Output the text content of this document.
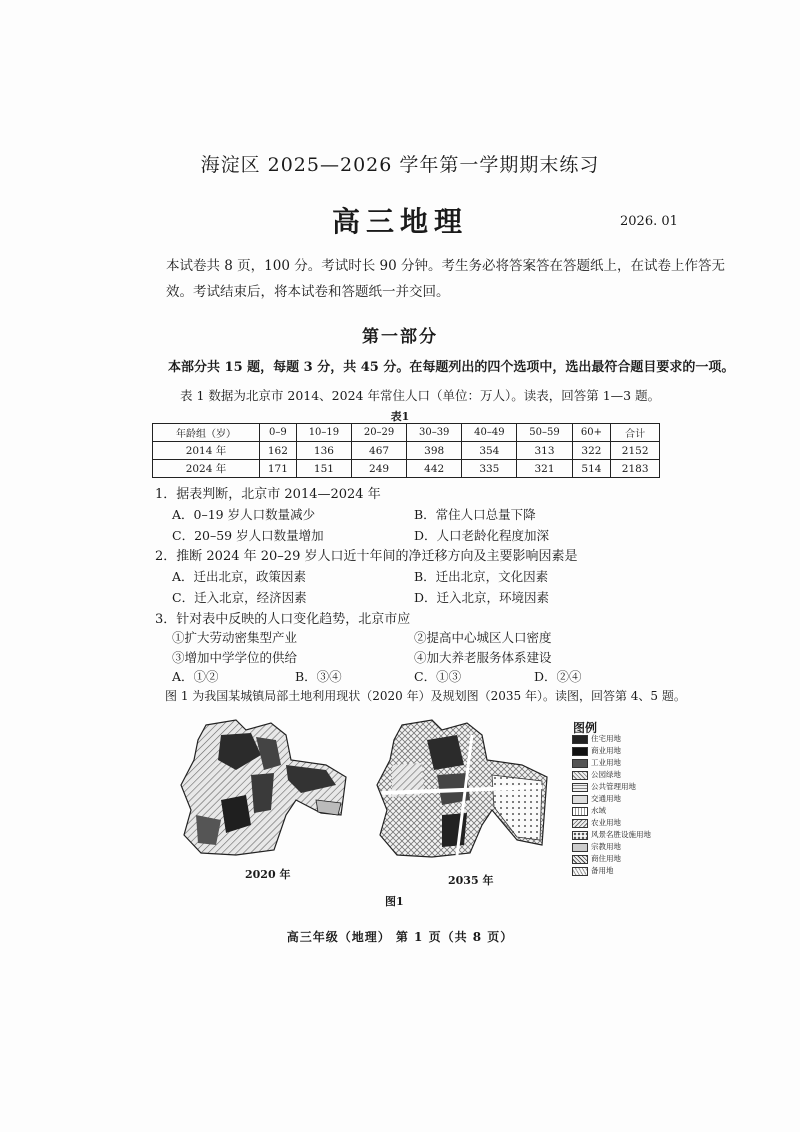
海淀区 2025—2026 学年第一学期期末练习
高三地理	2026. 01
本试卷共 8 页，100 分。考试时长 90 分钟。考生务必将答案答在答题纸上，在试卷上作答无
效。考试结束后，将本试卷和答题纸一并交回。
第一部分
本部分共 15 题，每题 3 分，共 45 分。在每题列出的四个选项中，选出最符合题目要求的一项。
表 1 数据为北京市 2014、2024 年常住人口（单位：万人）。读表，回答第 1—3 题。
表1
年龄组（岁）	0–9	10–19	20–29	30–39	40–49	50–59	60+	合计
2014 年	162	136	467	398	354	313	322	2152
2024 年	171	151	249	442	335	321	514	2183
1．据表判断，北京市 2014—2024 年
A．0–19 岁人口数量减少	B．常住人口总量下降
C．20–59 岁人口数量增加	D．人口老龄化程度加深
2．推断 2024 年 20–29 岁人口近十年间的净迁移方向及主要影响因素是
A．迁出北京，政策因素	B．迁出北京，文化因素
C．迁入北京，经济因素	D．迁入北京，环境因素
3．针对表中反映的人口变化趋势，北京市应
①扩大劳动密集型产业	②提高中心城区人口密度
③增加中学学位的供给	④加大养老服务体系建设
A．①②	B．③④	C．①③	D．②④
图 1 为我国某城镇局部土地利用现状（2020 年）及规划图（2035 年）。读图，回答第 4、5 题。
2020 年	2035 年
图例
住宅用地
商业用地
工业用地
公园绿地
公共管理用地
交通用地
水域
农业用地
风景名胜设施用地
宗教用地
商住用地
备用地
图1
高三年级（地理） 第 1 页（共 8 页）
